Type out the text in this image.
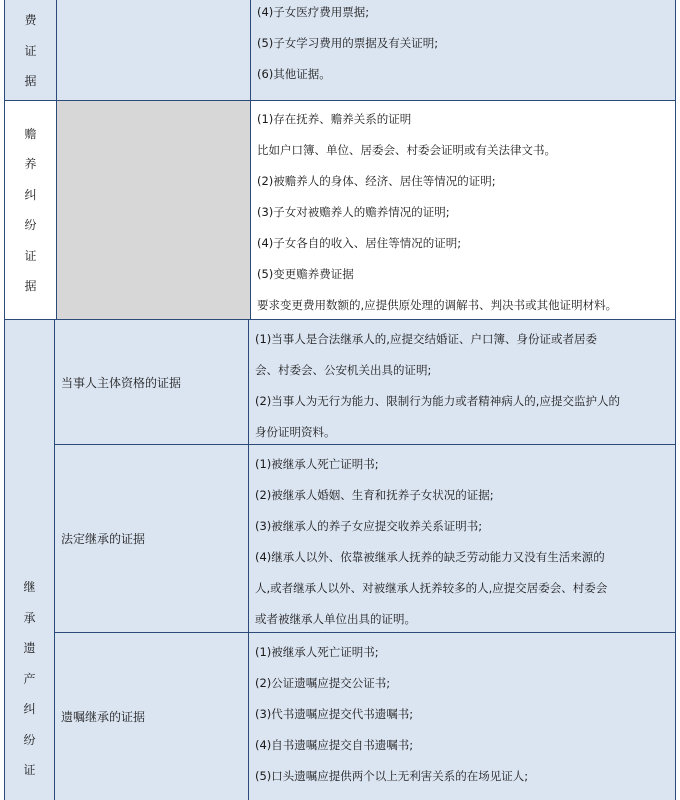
费
证
据

(4)子女医疗费用票据;

(5)子女学习费用的票据及有关证明;

(6)其他证据。

赡
养
纠
纷
证
据

(1)存在抚养、赡养关系的证明

比如户口簿、单位、居委会、村委会证明或有关法律文书。

(2)被赡养人的身体、经济、居住等情况的证明;

(3)子女对被赡养人的赡养情况的证明;

(4)子女各自的收入、居住等情况的证明;

(5)变更赡养费证据

要求变更费用数额的,应提供原处理的调解书、判决书或其他证明材料。

继
承
遗
产
纠
纷
证
当事人主体资格的证据

(1)当事人是合法继承人的,应提交结婚证、户口簿、身份证或者居委

会、村委会、公安机关出具的证明;

(2)当事人为无行为能力、限制行为能力或者精神病人的,应提交监护人的

身份证明资料。

法定继承的证据

(1)被继承人死亡证明书;

(2)被继承人婚姻、生育和抚养子女状况的证据;

(3)被继承人的养子女应提交收养关系证明书;

(4)继承人以外、依靠被继承人抚养的缺乏劳动能力又没有生活来源的

人,或者继承人以外、对被继承人抚养较多的人,应提交居委会、村委会

或者被继承人单位出具的证明。

遗嘱继承的证据

(1)被继承人死亡证明书;

(2)公证遗嘱应提交公证书;

(3)代书遗嘱应提交代书遗嘱书;

(4)自书遗嘱应提交自书遗嘱书;

(5)口头遗嘱应提供两个以上无利害关系的在场见证人;
